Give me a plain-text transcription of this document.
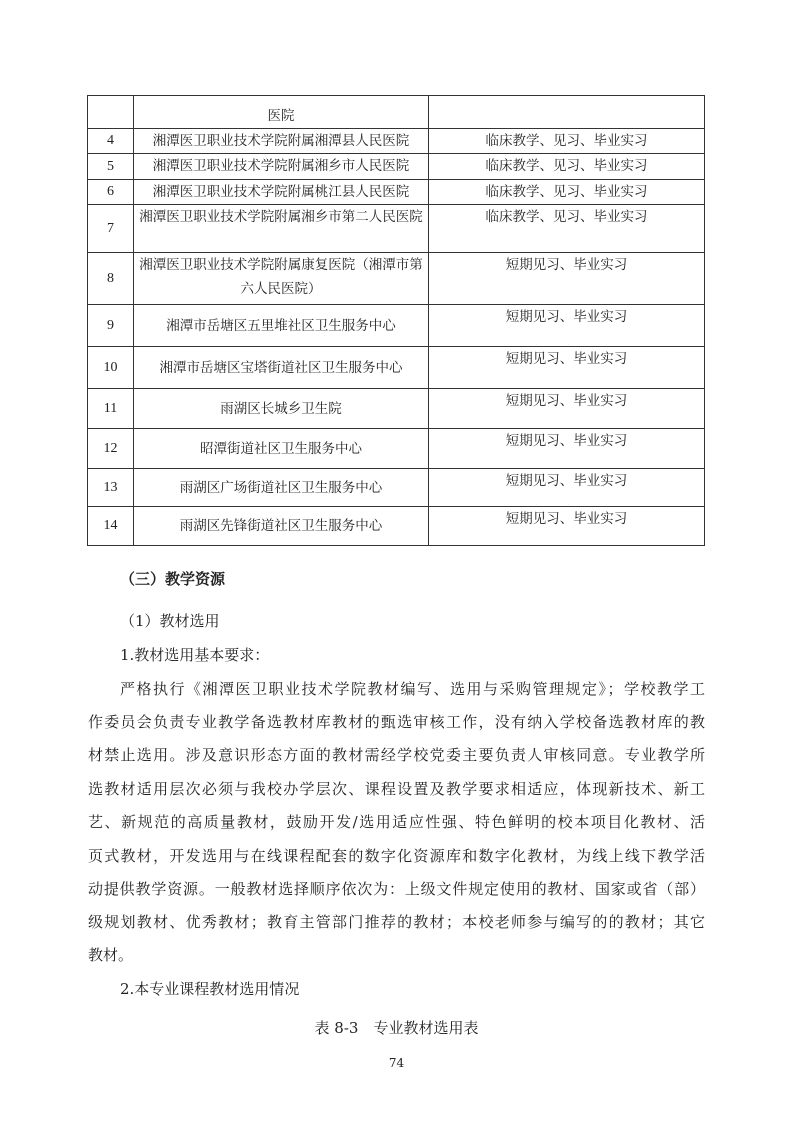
	医院	
4	湘潭医卫职业技术学院附属湘潭县人民医院	临床教学、见习、毕业实习
5	湘潭医卫职业技术学院附属湘乡市人民医院	临床教学、见习、毕业实习
6	湘潭医卫职业技术学院附属桃江县人民医院	临床教学、见习、毕业实习
7	湘潭医卫职业技术学院附属湘乡市第二人民医院	临床教学、见习、毕业实习
8	湘潭医卫职业技术学院附属康复医院（湘潭市第六人民医院）	短期见习、毕业实习
9	湘潭市岳塘区五里堆社区卫生服务中心	短期见习、毕业实习
10	湘潭市岳塘区宝塔街道社区卫生服务中心	短期见习、毕业实习
11	雨湖区长城乡卫生院	短期见习、毕业实习
12	昭潭街道社区卫生服务中心	短期见习、毕业实习
13	雨湖区广场街道社区卫生服务中心	短期见习、毕业实习
14	雨湖区先锋街道社区卫生服务中心	短期见习、毕业实习
（三）教学资源
（1）教材选用
1.教材选用基本要求：
严格执行《湘潭医卫职业技术学院教材编写、选用与采购管理规定》；学校教学工
作委员会负责专业教学备选教材库教材的甄选审核工作，没有纳入学校备选教材库的教
材禁止选用。涉及意识形态方面的教材需经学校党委主要负责人审核同意。专业教学所
选教材适用层次必须与我校办学层次、课程设置及教学要求相适应，体现新技术、新工
艺、新规范的高质量教材，鼓励开发/选用适应性强、特色鲜明的校本项目化教材、活
页式教材，开发选用与在线课程配套的数字化资源库和数字化教材，为线上线下教学活
动提供教学资源。一般教材选择顺序依次为：上级文件规定使用的教材、国家或省（部）
级规划教材、优秀教材；教育主管部门推荐的教材；本校老师参与编写的的教材；其它
教材。
2.本专业课程教材选用情况
表 8-3　专业教材选用表
74
